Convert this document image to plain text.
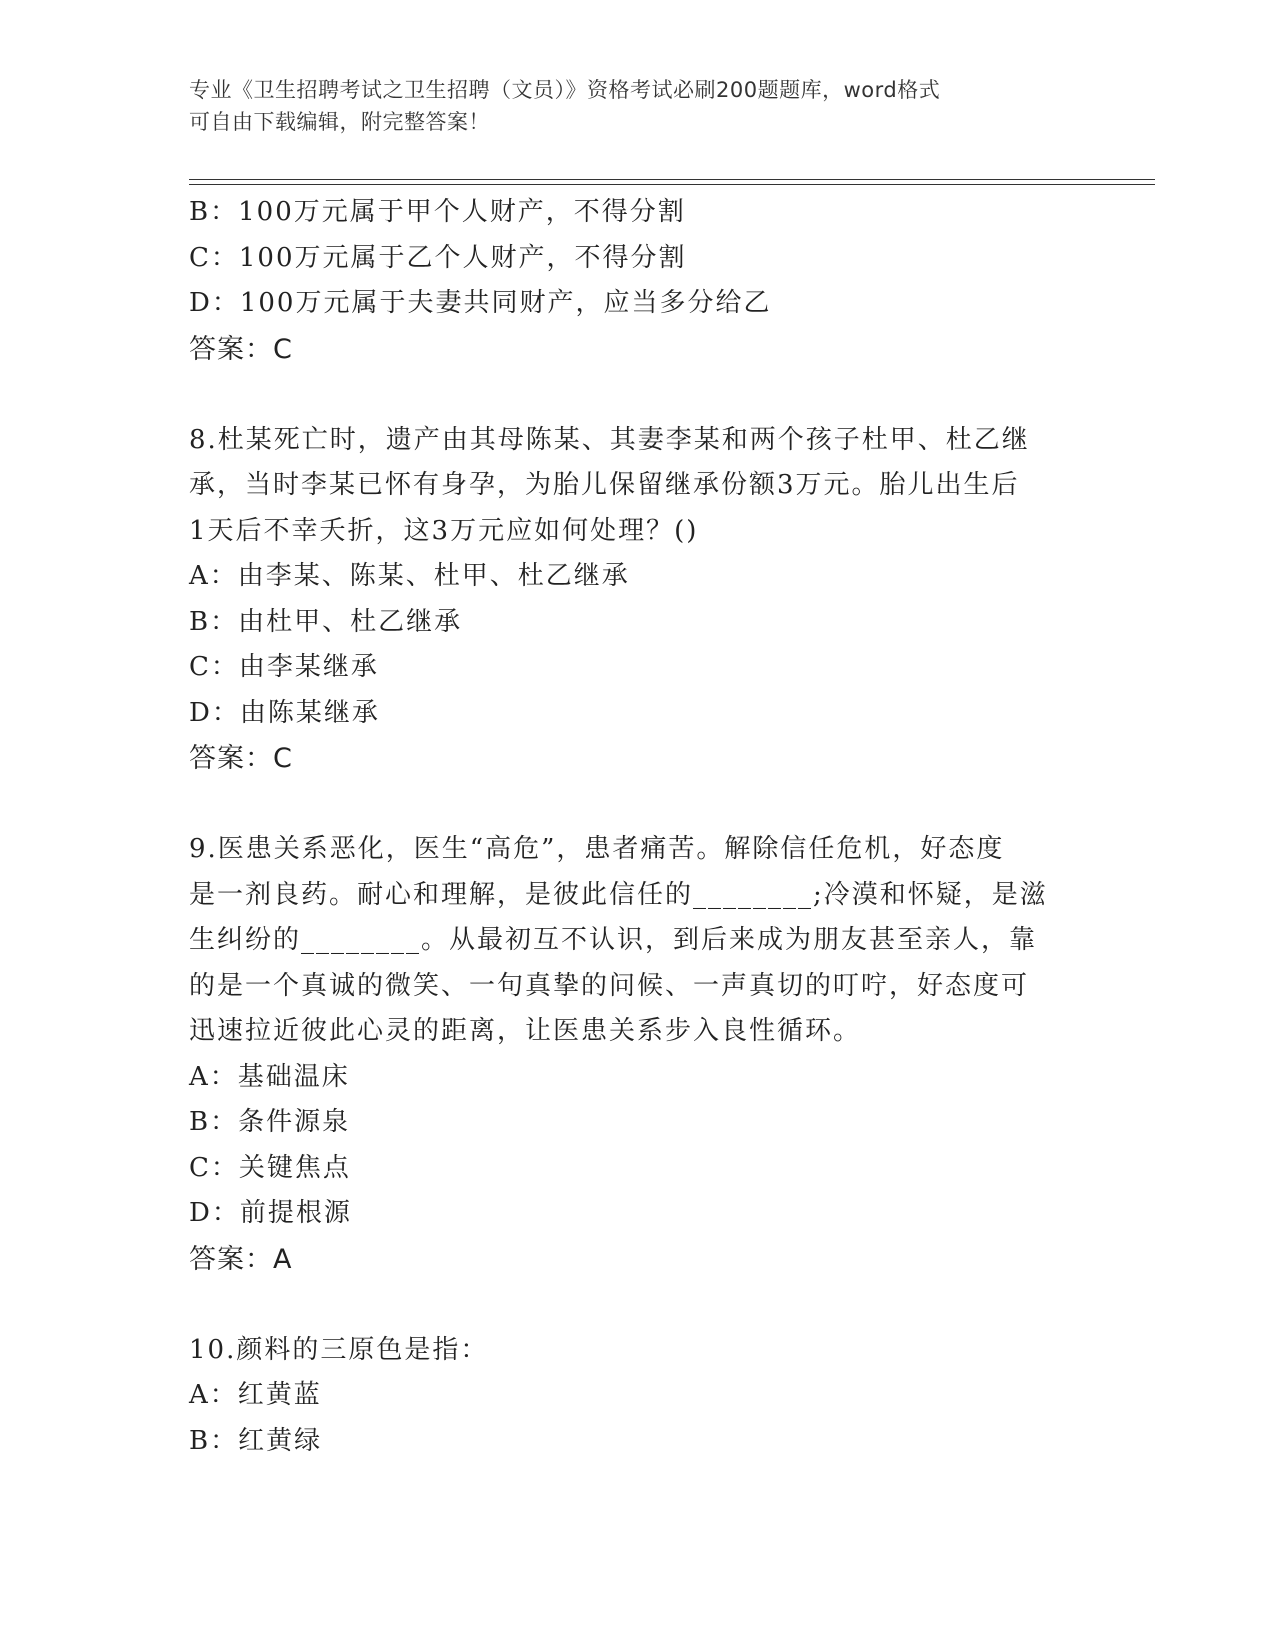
专业《卫生招聘考试之卫生招聘（文员）》资格考试必刷200题题库，word格式
可自由下载编辑，附完整答案！
B：100万元属于甲个人财产，不得分割
C：100万元属于乙个人财产，不得分割
D：100万元属于夫妻共同财产，应当多分给乙
答案：C
8.杜某死亡时，遗产由其母陈某、其妻李某和两个孩子杜甲、杜乙继
承，当时李某已怀有身孕，为胎儿保留继承份额3万元。胎儿出生后
1天后不幸夭折，这3万元应如何处理？()
A：由李某、陈某、杜甲、杜乙继承
B：由杜甲、杜乙继承
C：由李某继承
D：由陈某继承
答案：C
9.医患关系恶化，医生“高危”，患者痛苦。解除信任危机，好态度
是一剂良药。耐心和理解，是彼此信任的________;冷漠和怀疑，是滋
生纠纷的________。从最初互不认识，到后来成为朋友甚至亲人，靠
的是一个真诚的微笑、一句真挚的问候、一声真切的叮咛，好态度可
迅速拉近彼此心灵的距离，让医患关系步入良性循环。
A：基础温床
B：条件源泉
C：关键焦点
D：前提根源
答案：A
10.颜料的三原色是指：
A：红黄蓝
B：红黄绿
